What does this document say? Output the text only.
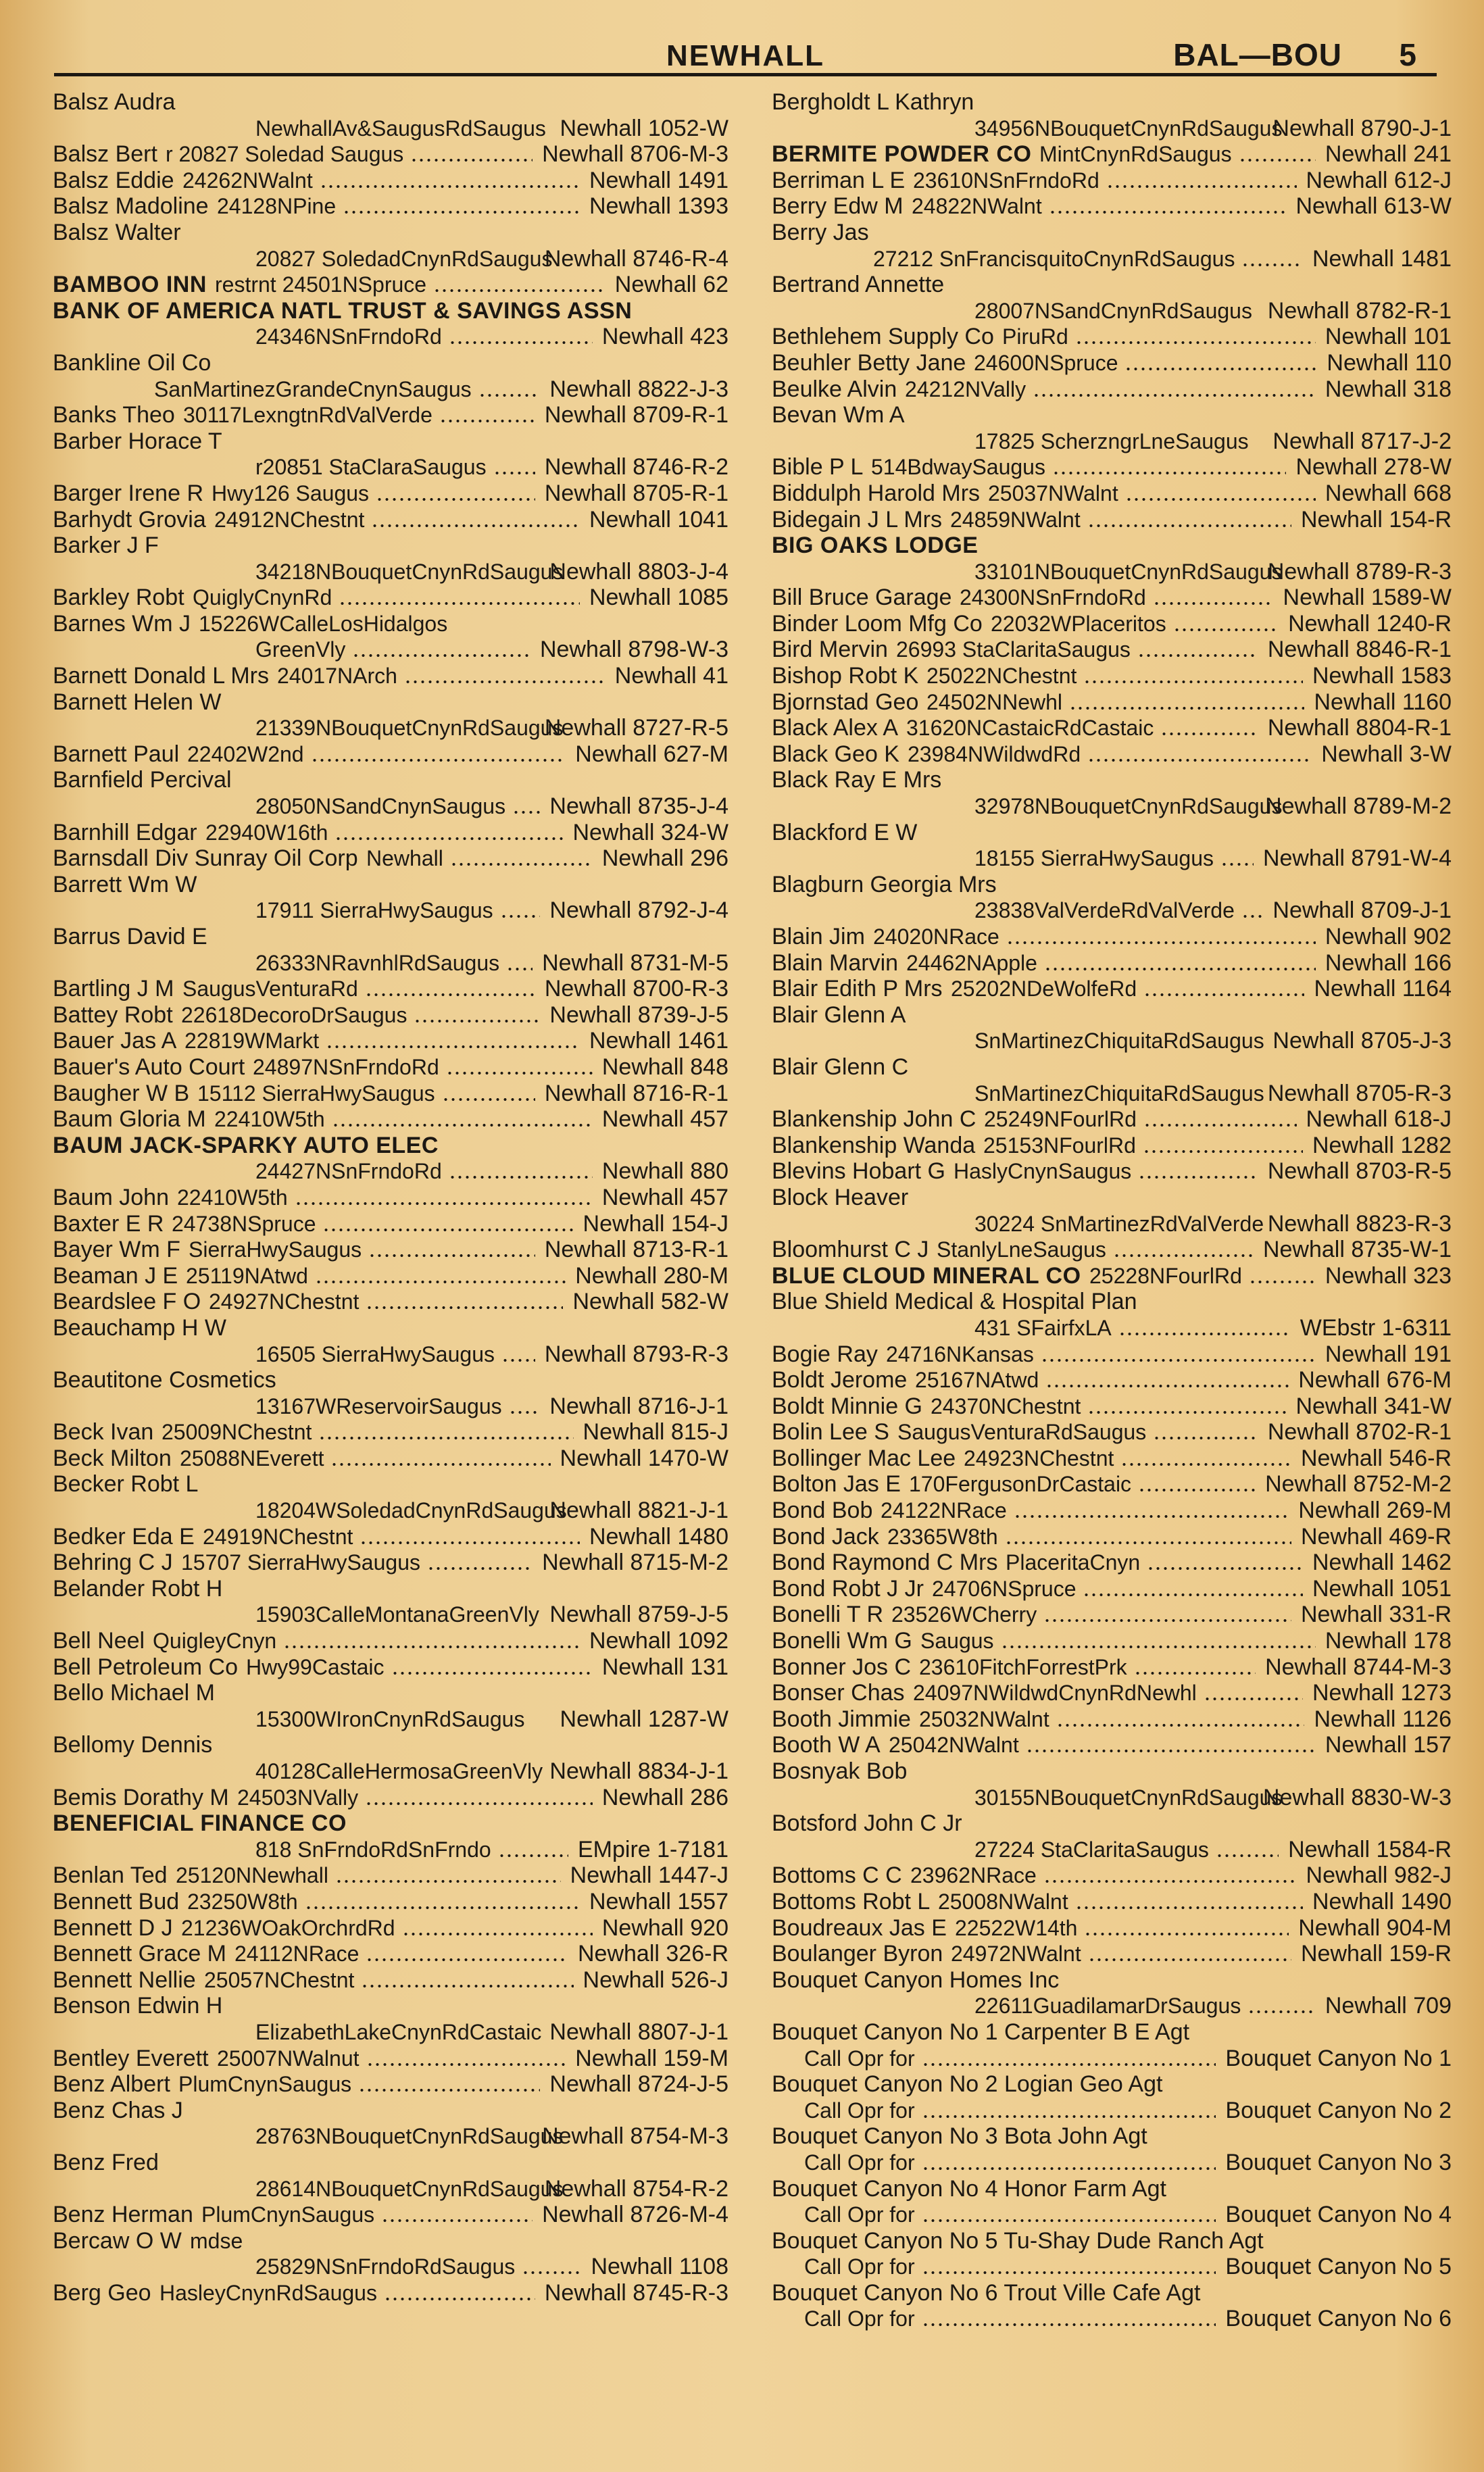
NEWHALL	BAL—BOU 5
Balsz Audra
NewhallAv&SaugusRdSaugus Newhall 1052-W
Balsz Bert r 20827 Soledad Saugus	Newhall 8706-M-3
Balsz Eddie 24262NWalnt	Newhall 1491
Balsz Madoline 24128NPine	Newhall 1393
Balsz Walter
20827 SoledadCnynRdSaugus
Newhall 8746-R-4
BAMBOO INN restrnt 24501NSpruce	Newhall 62
BANK OF AMERICA NATL TRUST & SAVINGS ASSN
24346NSnFrndoRd	Newhall 423
Bankline Oil Co
SanMartinezGrandeCnynSaugus	Newhall 8822-J-3
Banks Theo 30117LexngtnRdValVerde	Newhall 8709-R-1
Barber Horace T
r20851 StaClaraSaugus	Newhall 8746-R-2
Barger Irene R Hwy126 Saugus	Newhall 8705-R-1
Barhydt Grovia 24912NChestnt	Newhall 1041
Barker J F
34218NBouquetCnynRdSaugus
Newhall 8803-J-4
Barkley Robt QuiglyCnynRd	Newhall 1085
Barnes Wm J 15226WCalleLosHidalgos
GreenVly	Newhall 8798-W-3
Barnett Donald L Mrs 24017NArch	Newhall 41
Barnett Helen W
21339NBouquetCnynRdSaugus
Newhall 8727-R-5
Barnett Paul 22402W2nd	Newhall 627-M
Barnfield Percival
28050NSandCnynSaugus Newhall 8735-J-4
Barnhill Edgar 22940W16th	Newhall 324-W
Barnsdall Div Sunray Oil Corp Newhall	Newhall 296
Barrett Wm W
17911 SierraHwySaugus Newhall 8792-J-4
Barrus David E
26333NRavnhlRdSaugus Newhall 8731-M-5
Bartling J M SaugusVenturaRd	Newhall 8700-R-3
Battey Robt 22618DecoroDrSaugus	Newhall 8739-J-5
Bauer Jas A 22819WMarkt	Newhall 1461
Bauer's Auto Court 24897NSnFrndoRd	Newhall 848
Baugher W B 15112 SierraHwySaugus	Newhall 8716-R-1
Baum Gloria M 22410W5th	Newhall 457
BAUM JACK-SPARKY AUTO ELEC
24427NSnFrndoRd	Newhall 880
Baum John 22410W5th	Newhall 457
Baxter E R 24738NSpruce	Newhall 154-J
Bayer Wm F SierraHwySaugus	Newhall 8713-R-1
Beaman J E 25119NAtwd	Newhall 280-M
Beardslee F O 24927NChestnt	Newhall 582-W
Beauchamp H W
16505 SierraHwySaugus Newhall 8793-R-3
Beautitone Cosmetics
13167WReservoirSaugus Newhall 8716-J-1
Beck Ivan 25009NChestnt	Newhall 815-J
Beck Milton 25088NEverett	Newhall 1470-W
Becker Robt L
18204WSoledadCnynRdSaugus
Newhall 8821-J-1
Bedker Eda E 24919NChestnt	Newhall 1480
Behring C J 15707 SierraHwySaugus	Newhall 8715-M-2
Belander Robt H
15903CalleMontanaGreenVly Newhall 8759-J-5
Bell Neel QuigleyCnyn	Newhall 1092
Bell Petroleum Co Hwy99Castaic	Newhall 131
Bello Michael M
15300WIronCnynRdSaugus Newhall 1287-W
Bellomy Dennis
40128CalleHermosaGreenVly Newhall 8834-J-1
Bemis Dorathy M 24503NVally	Newhall 286
BENEFICIAL FINANCE CO
818 SnFrndoRdSnFrndo	EMpire 1-7181
Benlan Ted 25120NNewhall	Newhall 1447-J
Bennett Bud 23250W8th	Newhall 1557
Bennett D J 21236WOakOrchrdRd	Newhall 920
Bennett Grace M 24112NRace	Newhall 326-R
Bennett Nellie 25057NChestnt	Newhall 526-J
Benson Edwin H
ElizabethLakeCnynRdCastaic Newhall 8807-J-1
Bentley Everett 25007NWalnut	Newhall 159-M
Benz Albert PlumCnynSaugus	Newhall 8724-J-5
Benz Chas J
28763NBouquetCnynRdSaugus
Newhall 8754-M-3
Benz Fred
28614NBouquetCnynRdSaugus
Newhall 8754-R-2
Benz Herman PlumCnynSaugus	Newhall 8726-M-4
Bercaw O W mdse
25829NSnFrndoRdSaugus	Newhall 1108
Berg Geo HasleyCnynRdSaugus	Newhall 8745-R-3
Bergholdt L Kathryn
34956NBouquetCnynRdSaugus
Newhall 8790-J-1
BERMITE POWDER CO MintCnynRdSaugus	Newhall 241
Berriman L E 23610NSnFrndoRd	Newhall 612-J
Berry Edw M 24822NWalnt	Newhall 613-W
Berry Jas
27212 SnFrancisquitoCnynRdSaugus	Newhall 1481
Bertrand Annette
28007NSandCnynRdSaugus Newhall 8782-R-1
Bethlehem Supply Co PiruRd	Newhall 101
Beuhler Betty Jane 24600NSpruce	Newhall 110
Beulke Alvin 24212NVally	Newhall 318
Bevan Wm A
17825 ScherzngrLneSaugus Newhall 8717-J-2
Bible P L 514BdwaySaugus	Newhall 278-W
Biddulph Harold Mrs 25037NWalnt	Newhall 668
Bidegain J L Mrs 24859NWalnt	Newhall 154-R
BIG OAKS LODGE
33101NBouquetCnynRdSaugus
Newhall 8789-R-3
Bill Bruce Garage 24300NSnFrndoRd	Newhall 1589-W
Binder Loom Mfg Co 22032WPlaceritos	Newhall 1240-R
Bird Mervin 26993 StaClaritaSaugus	Newhall 8846-R-1
Bishop Robt K 25022NChestnt	Newhall 1583
Bjornstad Geo 24502NNewhl	Newhall 1160
Black Alex A 31620NCastaicRdCastaic	Newhall 8804-R-1
Black Geo K 23984NWildwdRd	Newhall 3-W
Black Ray E Mrs
32978NBouquetCnynRdSaugus
Newhall 8789-M-2
Blackford E W
18155 SierraHwySaugus Newhall 8791-W-4
Blagburn Georgia Mrs
23838ValVerdeRdValVerde Newhall 8709-J-1
Blain Jim 24020NRace	Newhall 902
Blain Marvin 24462NApple	Newhall 166
Blair Edith P Mrs 25202NDeWolfeRd	Newhall 1164
Blair Glenn A
SnMartinezChiquitaRdSaugus Newhall 8705-J-3
Blair Glenn C
SnMartinezChiquitaRdSaugus Newhall 8705-R-3
Blankenship John C 25249NFourlRd	Newhall 618-J
Blankenship Wanda 25153NFourlRd	Newhall 1282
Blevins Hobart G HaslyCnynSaugus	Newhall 8703-R-5
Block Heaver
30224 SnMartinezRdValVerde Newhall 8823-R-3
Bloomhurst C J StanlyLneSaugus	Newhall 8735-W-1
BLUE CLOUD MINERAL CO 25228NFourlRd	Newhall 323
Blue Shield Medical & Hospital Plan
431 SFairfxLA	WEbstr 1-6311
Bogie Ray 24716NKansas	Newhall 191
Boldt Jerome 25167NAtwd	Newhall 676-M
Boldt Minnie G 24370NChestnt	Newhall 341-W
Bolin Lee S SaugusVenturaRdSaugus	Newhall 8702-R-1
Bollinger Mac Lee 24923NChestnt	Newhall 546-R
Bolton Jas E 170FergusonDrCastaic	Newhall 8752-M-2
Bond Bob 24122NRace	Newhall 269-M
Bond Jack 23365W8th	Newhall 469-R
Bond Raymond C Mrs PlaceritaCnyn	Newhall 1462
Bond Robt J Jr 24706NSpruce	Newhall 1051
Bonelli T R 23526WCherry	Newhall 331-R
Bonelli Wm G Saugus	Newhall 178
Bonner Jos C 23610FitchForrestPrk	Newhall 8744-M-3
Bonser Chas 24097NWildwdCnynRdNewhl	Newhall 1273
Booth Jimmie 25032NWalnt	Newhall 1126
Booth W A 25042NWalnt	Newhall 157
Bosnyak Bob
30155NBouquetCnynRdSaugus
Newhall 8830-W-3
Botsford John C Jr
27224 StaClaritaSaugus	Newhall 1584-R
Bottoms C C 23962NRace	Newhall 982-J
Bottoms Robt L 25008NWalnt	Newhall 1490
Boudreaux Jas E 22522W14th	Newhall 904-M
Boulanger Byron 24972NWalnt	Newhall 159-R
Bouquet Canyon Homes Inc
22611GuadilamarDrSaugus	Newhall 709
Bouquet Canyon No 1 Carpenter B E Agt
Call Opr for	Bouquet Canyon No 1
Bouquet Canyon No 2 Logian Geo Agt
Call Opr for	Bouquet Canyon No 2
Bouquet Canyon No 3 Bota John Agt
Call Opr for	Bouquet Canyon No 3
Bouquet Canyon No 4 Honor Farm Agt
Call Opr for	Bouquet Canyon No 4
Bouquet Canyon No 5 Tu-Shay Dude Ranch Agt
Call Opr for	Bouquet Canyon No 5
Bouquet Canyon No 6 Trout Ville Cafe Agt
Call Opr for	Bouquet Canyon No 6
